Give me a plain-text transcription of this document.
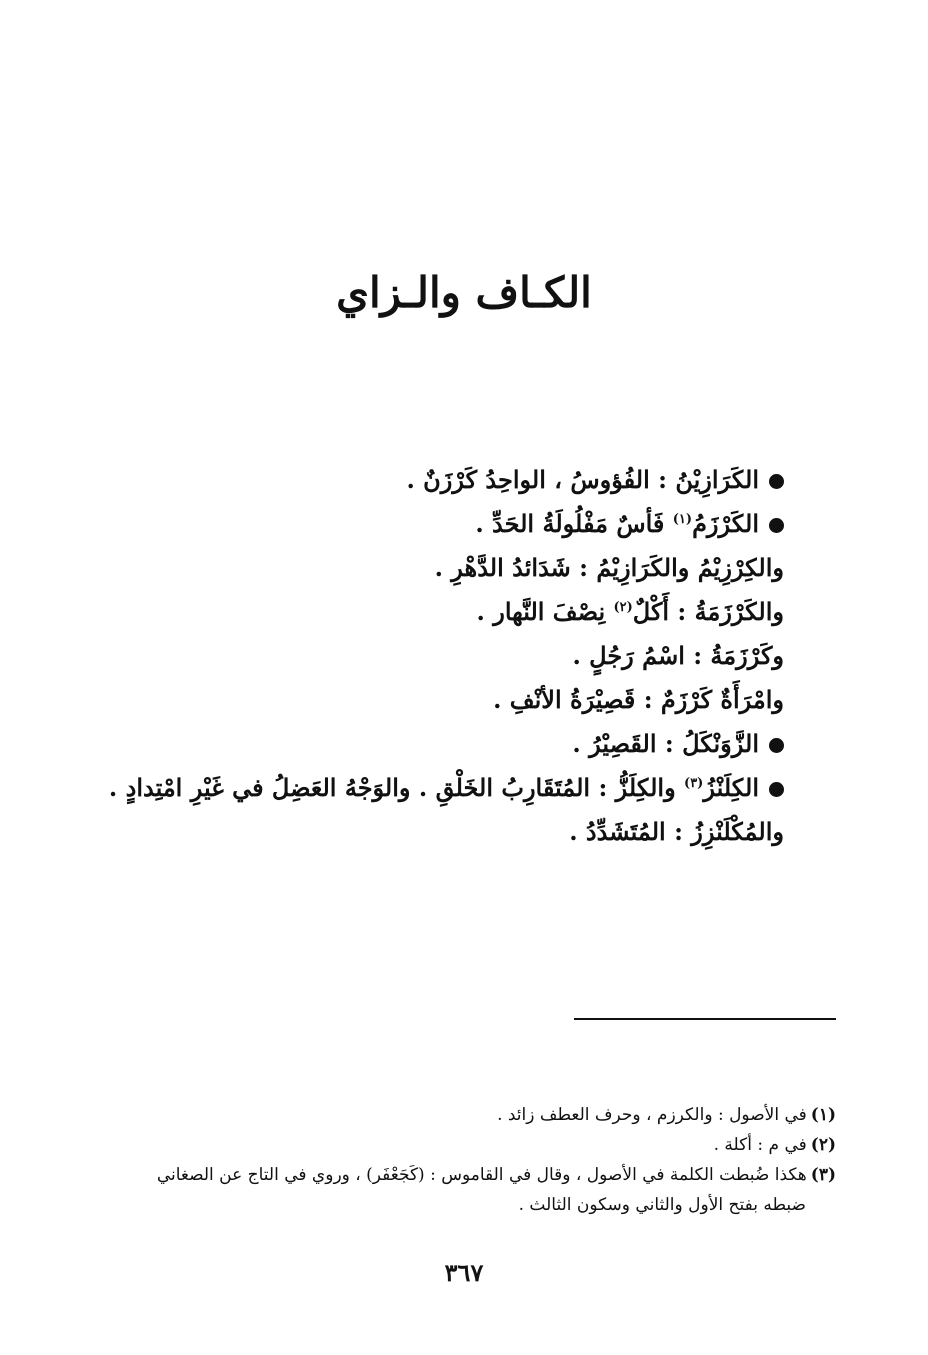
الكـاف والـزاي
الكَرَازِيْنُ : الفُؤوسُ ، الواحِدُ كَرْزَنٌ .
الكَرْزَمُ$^{(١)}$ فَأسٌ مَفْلُولَةُ الحَدِّ .
والكِرْزِيْمُ والكَرَازِيْمُ : شَدَائدُ الدَّهْرِ .
والكَرْزَمَةُ : أَكْلٌ$^{(٢)}$ نِصْفَ النَّهار .
وكَرْزَمَةُ : اسْمُ رَجُلٍ .
وامْرَأَةٌ كَرْزَمٌ : قَصِيْرَةُ الأنْفِ .
الزَّوَنْكَلُ : القَصِيْرُ .
الكِلَنْزُ$^{(٣)}$ والكِلَزُّ : المُتَقَارِبُ الخَلْقِ . والوَجْهُ العَضِلُ في غَيْرِ امْتِدادٍ .
والمُكْلَنْزِزُ : المُتَشَدِّدُ .

(١)في الأصول : والكرزم ، وحرف العطف زائد .

(٢)في م : أكلة .

(٣)هكذا ضُبطت الكلمة في الأصول ، وقال في القاموس : (كَجَعْفَر) ، وروي في التاج عن الصغاني

ضبطه بفتح الأول والثاني وسكون الثالث .

٣٦٧
